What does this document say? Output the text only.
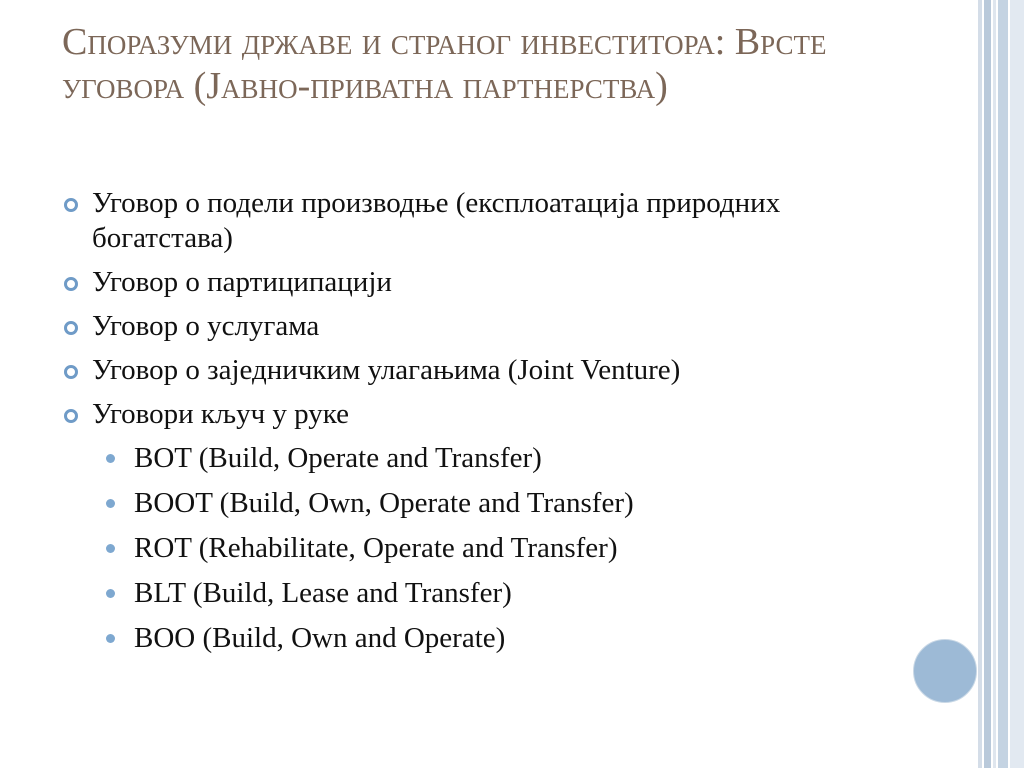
Споразуми државе и страног инвеститора: Врсте уговора (Јавно-приватна партнерства)
Уговор о подели производње (експлоатација природних богатстава)
Уговор о партиципацији
Уговор о услугама
Уговор о заједничким улагањима (Joint Venture)
Уговори кључ у руке
BOT (Build, Operate and Transfer)
BOOT (Build, Own, Operate and Transfer)
ROT (Rehabilitate, Operate and Transfer)
BLT (Build, Lease and Transfer)
BOO (Build, Own and Operate)
